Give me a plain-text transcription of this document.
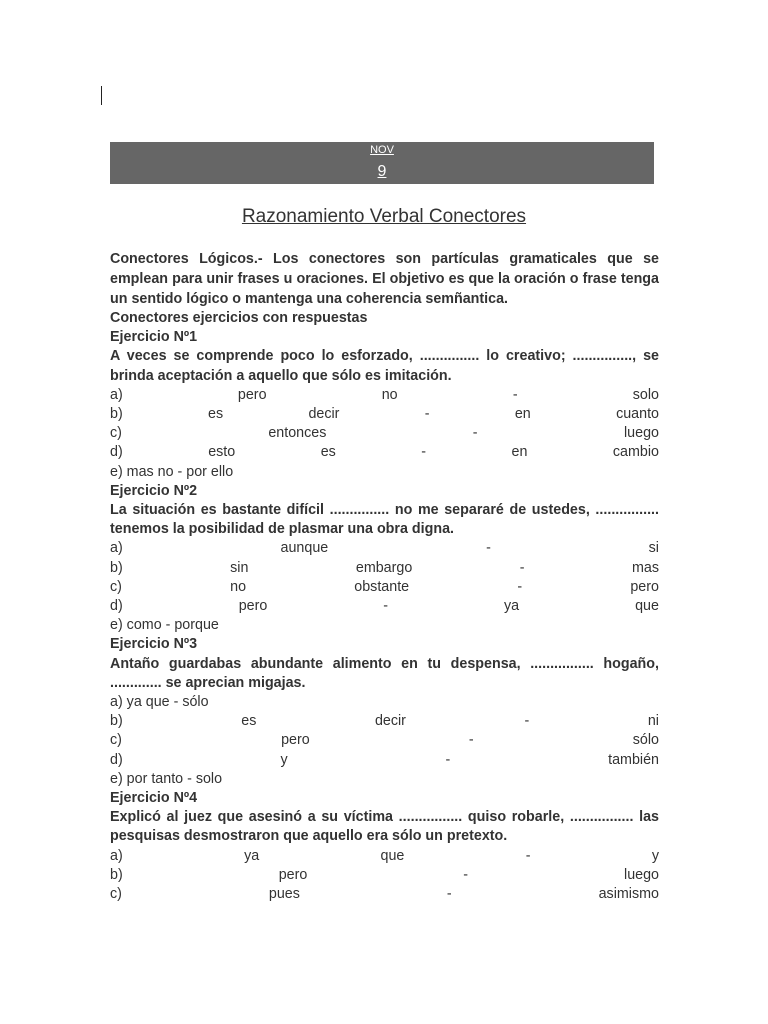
NOV
9
Razonamiento Verbal Conectores

Conectores Lógicos.- Los conectores son partículas gramaticales que se emplean para unir frases u oraciones. El objetivo es que la oración o frase tenga un sentido lógico o mantenga una coherencia semñantica.

Conectores ejercicios con respuestas

Ejercicio Nº1

A veces se comprende poco lo esforzado, ............... lo creativo; ..............., se brinda aceptación a aquello que sólo es imitación.

a)	pero	no	-	solo
b)	es	decir	-	en	cuanto
c)	entonces	-	luego
d)	esto	es	-	en	cambio
e) mas no - por ello

Ejercicio Nº2

La situación es bastante difícil ............... no me separaré de ustedes, ................ tenemos la posibilidad de plasmar una obra digna.

a)	aunque	-	si
b)	sin	embargo	-	mas
c)	no	obstante	-	pero
d)	pero	-	ya	que
e) como - porque

Ejercicio Nº3

Antaño guardabas abundante alimento en tu despensa, ................ hogaño, ............. se aprecian migajas.

a) ya que - sólo
b)	es	decir	-	ni
c)	pero	-	sólo
d)	y	-	también
e) por tanto - solo

Ejercicio Nº4

Explicó al juez que asesinó a su víctima ................ quiso robarle, ................ las pesquisas desmostraron que aquello era sólo un pretexto.

a)	ya	que	-	y
b)	pero	-	luego
c)	pues	-	asimismo
